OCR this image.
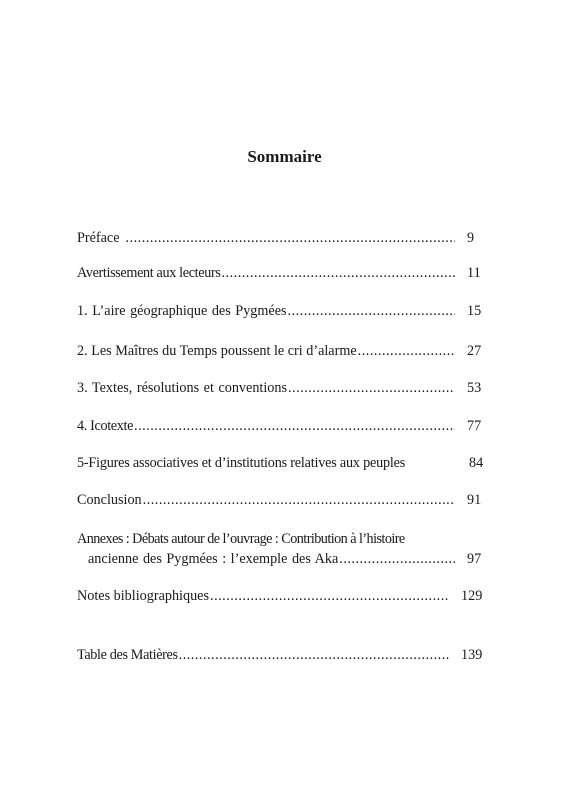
Sommaire
Préface .....	9
Avertissement aux lecteurs .....	11
1. L’aire géographique des Pygmées .....	15
2. Les Maîtres du Temps poussent le cri d’alarme .....	27
3. Textes, résolutions et conventions .....	53
4. Icotexte .....	77
5-Figures associatives et d’institutions relatives aux peuples	84
Conclusion .....	91
Annexes : Débats autour de l’ouvrage : Contribution à l’histoire
ancienne des Pygmées : l’exemple des Aka .....	97
Notes bibliographiques .....	129
Table des Matières .....	139
